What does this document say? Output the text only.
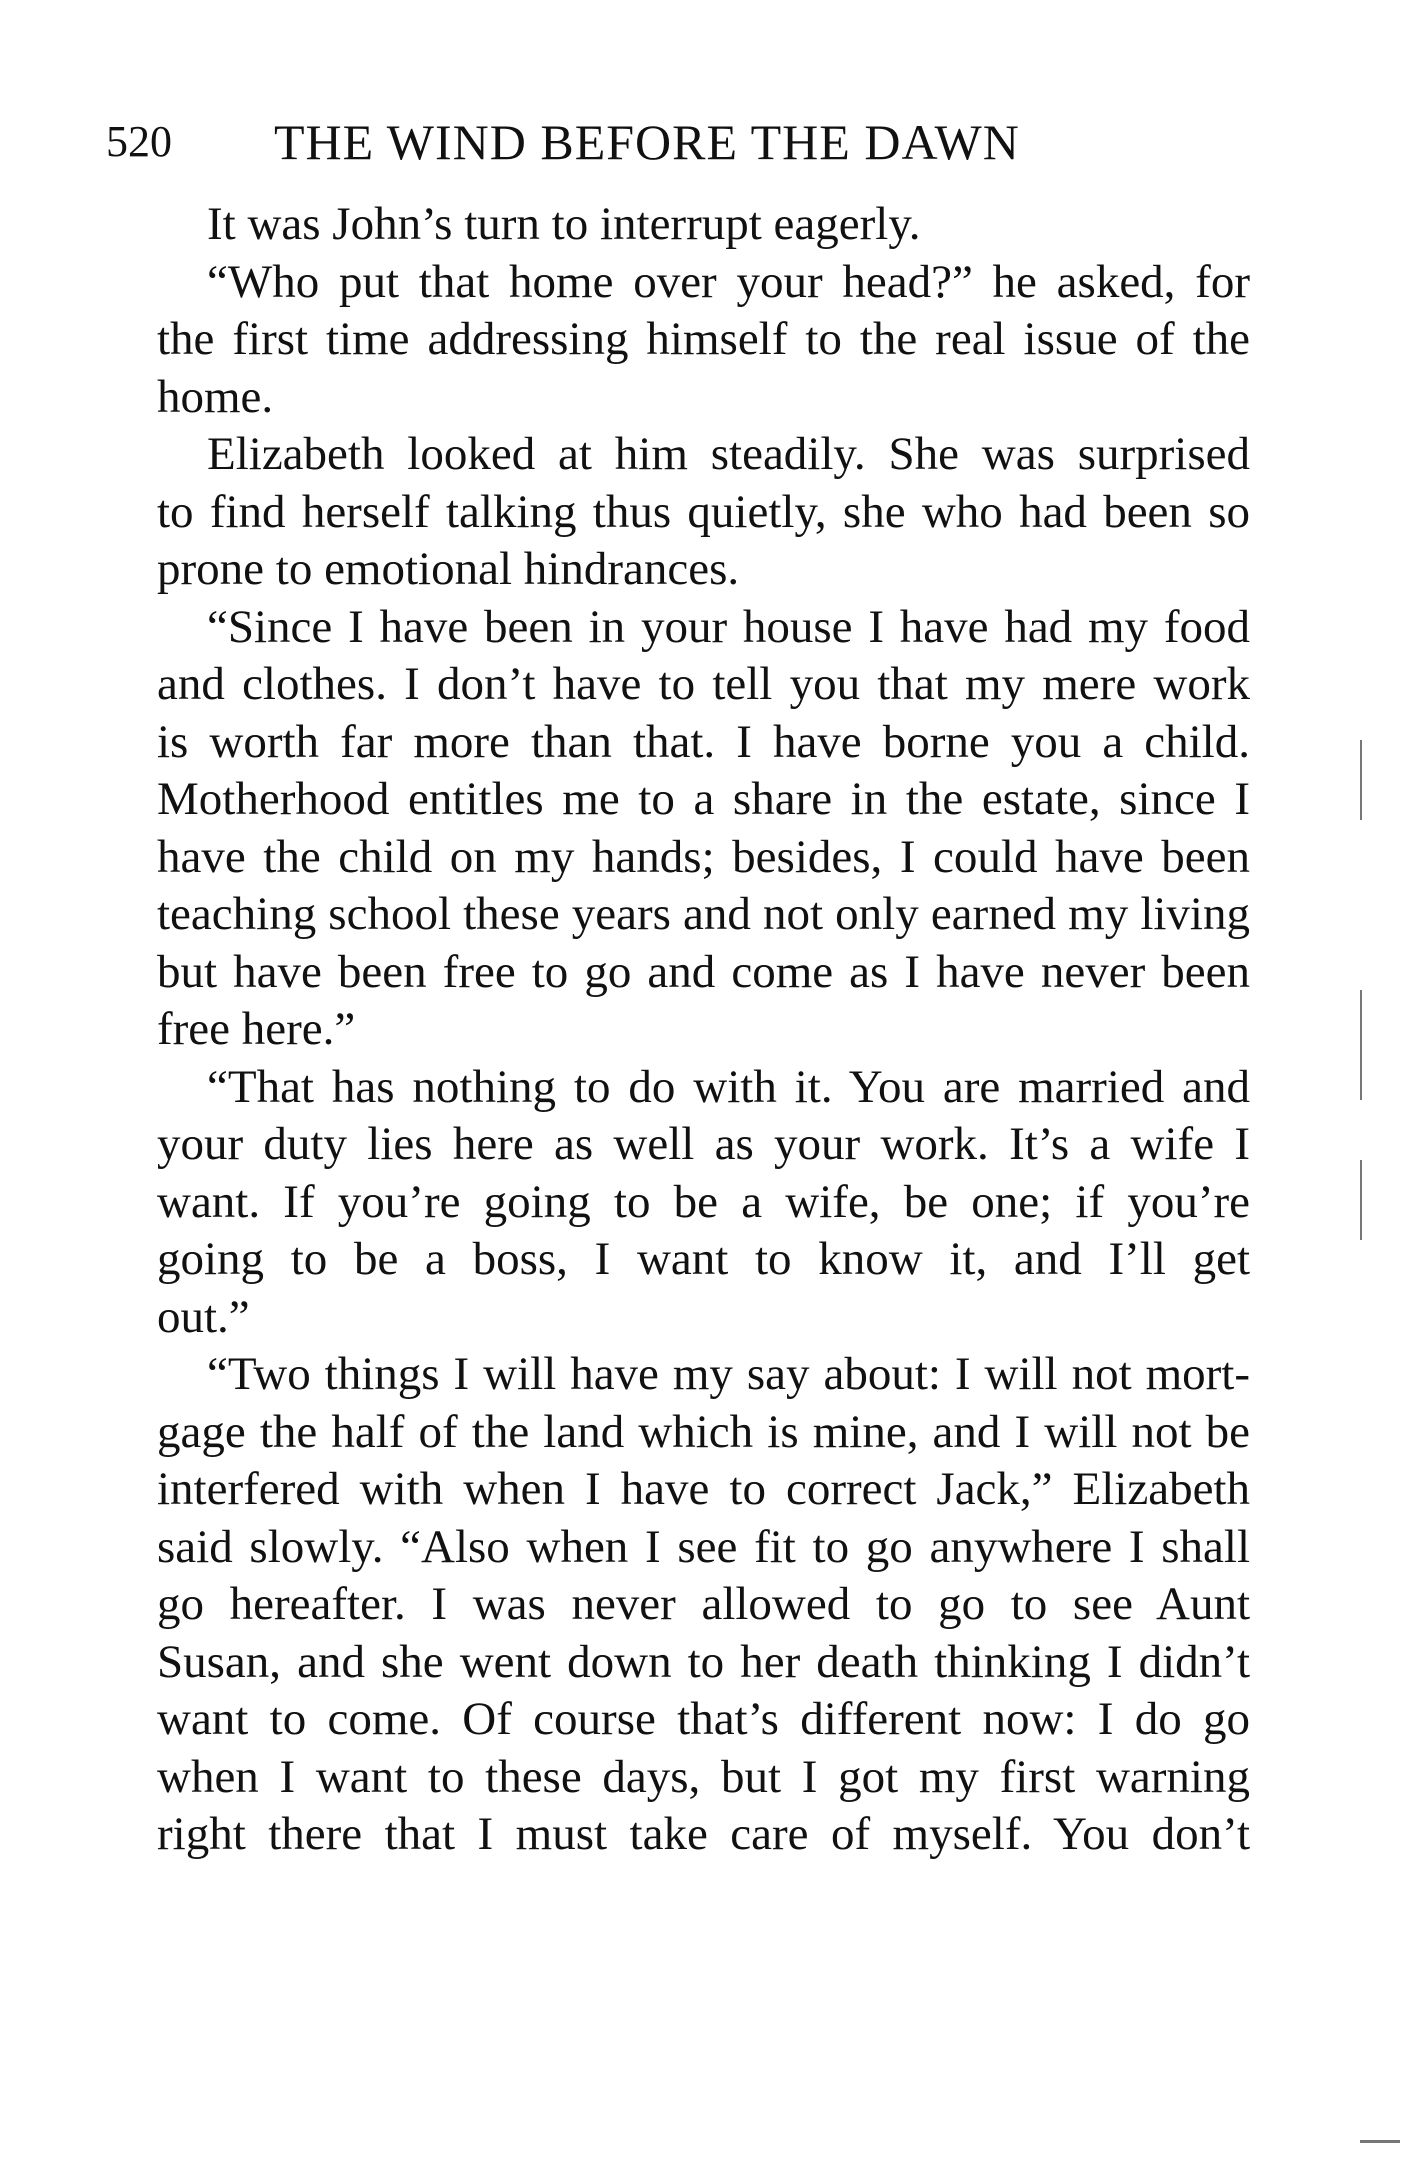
520 THE WIND BEFORE THE DAWN

It was John’s turn to interrupt eagerly.

“Who put that home over your head?” he asked, for
the first time addressing himself to the real issue of the
home.

Elizabeth looked at him steadily. She was surprised
to find herself talking thus quietly, she who had been so
prone to emotional hindrances.

“Since I have been in your house I have had my food
and clothes. I don’t have to tell you that my mere work
is worth far more than that. I have borne you a child.
Motherhood entitles me to a share in the estate, since I
have the child on my hands; besides, I could have been
teaching school these years and not only earned my living
but have been free to go and come as I have never been
free here.”

“That has nothing to do with it. You are married and
your duty lies here as well as your work. It’s a wife I
want. If you’re going to be a wife, be one; if you’re
going to be a boss, I want to know it, and I’ll get
out.”

“Two things I will have my say about: I will not mort-
gage the half of the land which is mine, and I will not be
interfered with when I have to correct Jack,” Elizabeth
said slowly. “Also when I see fit to go anywhere I shall
go hereafter. I was never allowed to go to see Aunt
Susan, and she went down to her death thinking I didn’t
want to come. Of course that’s different now: I do go
when I want to these days, but I got my first warning
right there that I must take care of myself. You don’t
